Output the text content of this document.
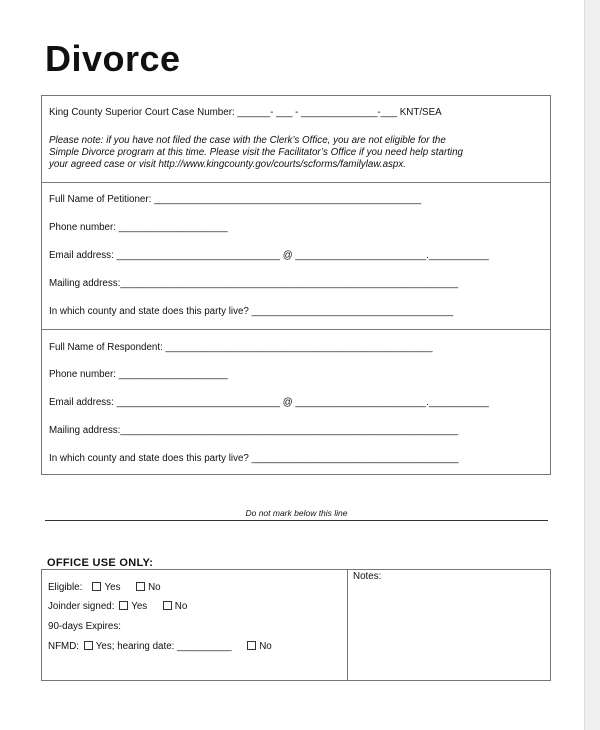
Divorce
King County Superior Court Case Number: ______- ___ - ______________-___ KNT/SEA
Please note: if you have not filed the case with the Clerk’s Office, you are not eligible for the
Simple Divorce program at this time. Please visit the Facilitator’s Office if you need help starting
your agreed case or visit http://www.kingcounty.gov/courts/scforms/familylaw.aspx.
Full Name of Petitioner: _________________________________________________
Phone number: ____________________
Email address: ______________________________ @ ________________________.___________
Mailing address:______________________________________________________________
In which county and state does this party live? _____________________________________
Full Name of Respondent: _________________________________________________
Phone number: ____________________
Email address: ______________________________ @ ________________________.___________
Mailing address:______________________________________________________________
In which county and state does this party live? ______________________________________
Do not mark below this line
OFFICE USE ONLY:
Eligible: Yes	No
Joinder signed: Yes	No
90-days Expires:
NFMD: Yes; hearing date: __________	No
Notes:
